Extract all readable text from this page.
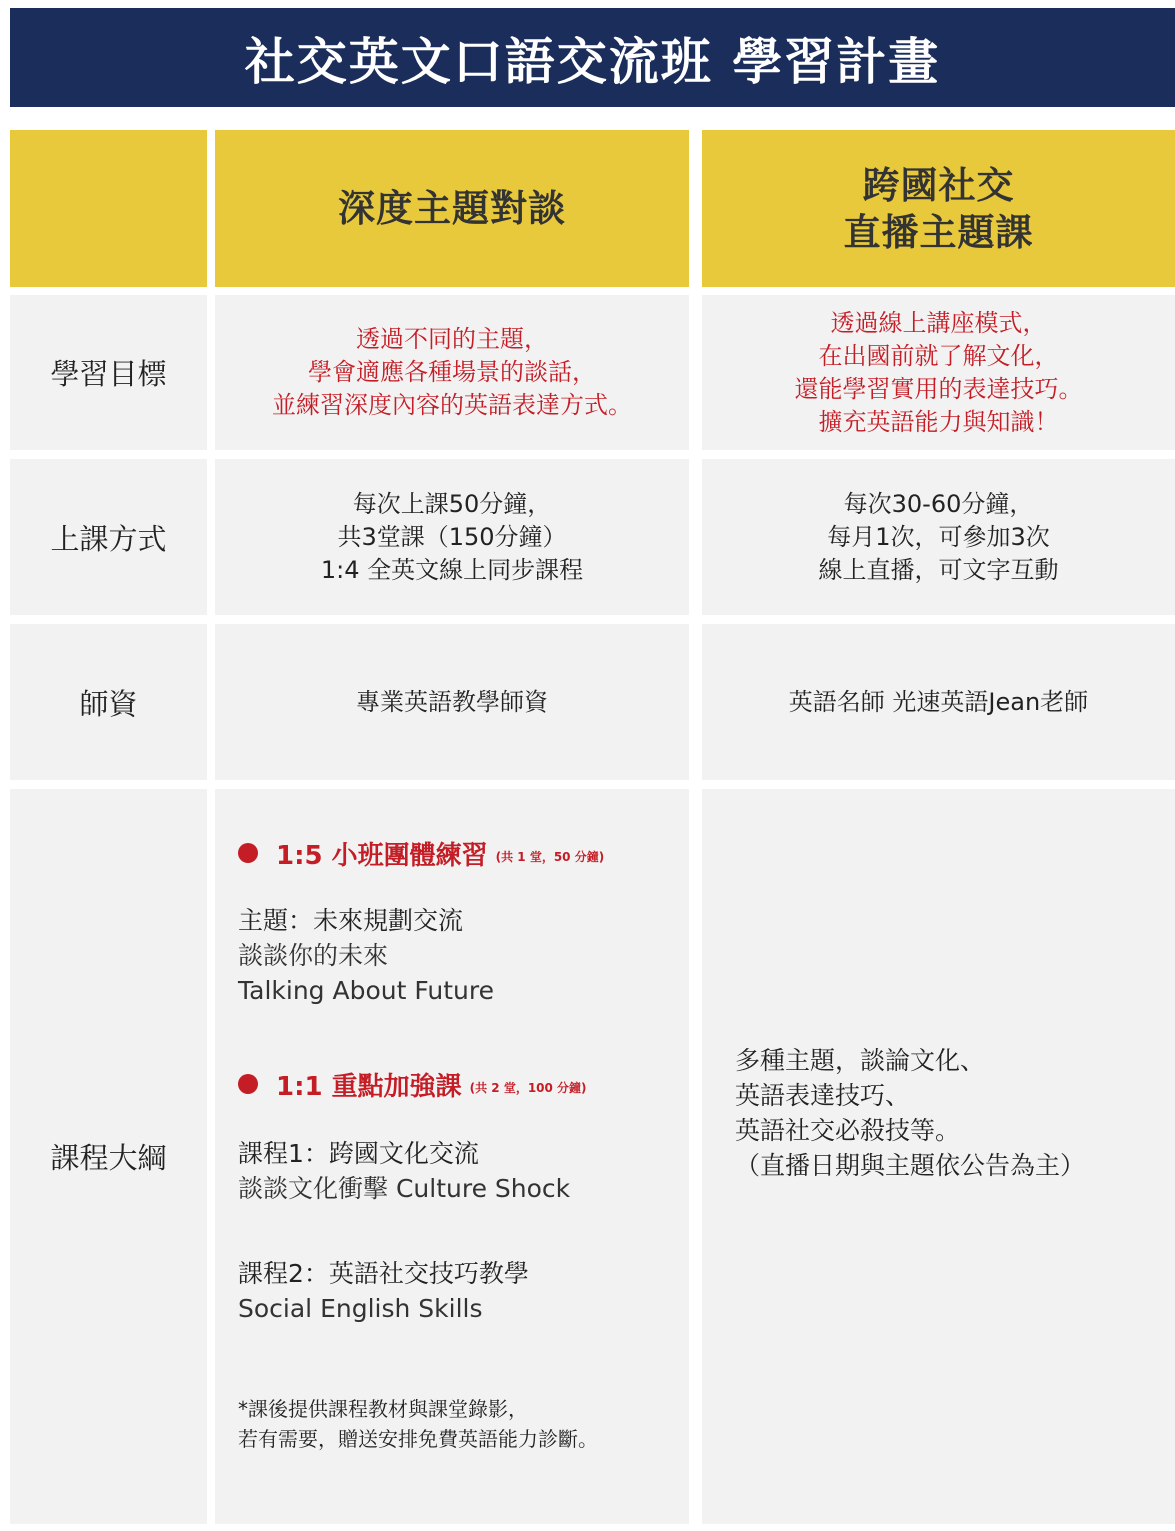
社交英文口語交流班 學習計畫
深度主題對談
跨國社交
直播主題課
學習目標
透過不同的主題，
學會適應各種場景的談話，
並練習深度內容的英語表達方式。
透過線上講座模式，
在出國前就了解文化，
還能學習實用的表達技巧。
擴充英語能力與知識！
上課方式
每次上課50分鐘，
共3堂課（150分鐘）
1:4 全英文線上同步課程
每次30-60分鐘，
每月1次，可參加3次
線上直播，可文字互動
師資	專業英語教學師資	英語名師 光速英語Jean老師
課程大綱
1:5 小班團體練習 (共 1 堂，50 分鐘)
主題：未來規劃交流
談談你的未來
Talking About Future
1:1 重點加強課 (共 2 堂，100 分鐘)
課程1：跨國文化交流
談談文化衝擊 Culture Shock
課程2：英語社交技巧教學
Social English Skills
*課後提供課程教材與課堂錄影，
若有需要，贈送安排免費英語能力診斷。
多種主題，談論文化、
英語表達技巧、
英語社交必殺技等。
（直播日期與主題依公告為主）
